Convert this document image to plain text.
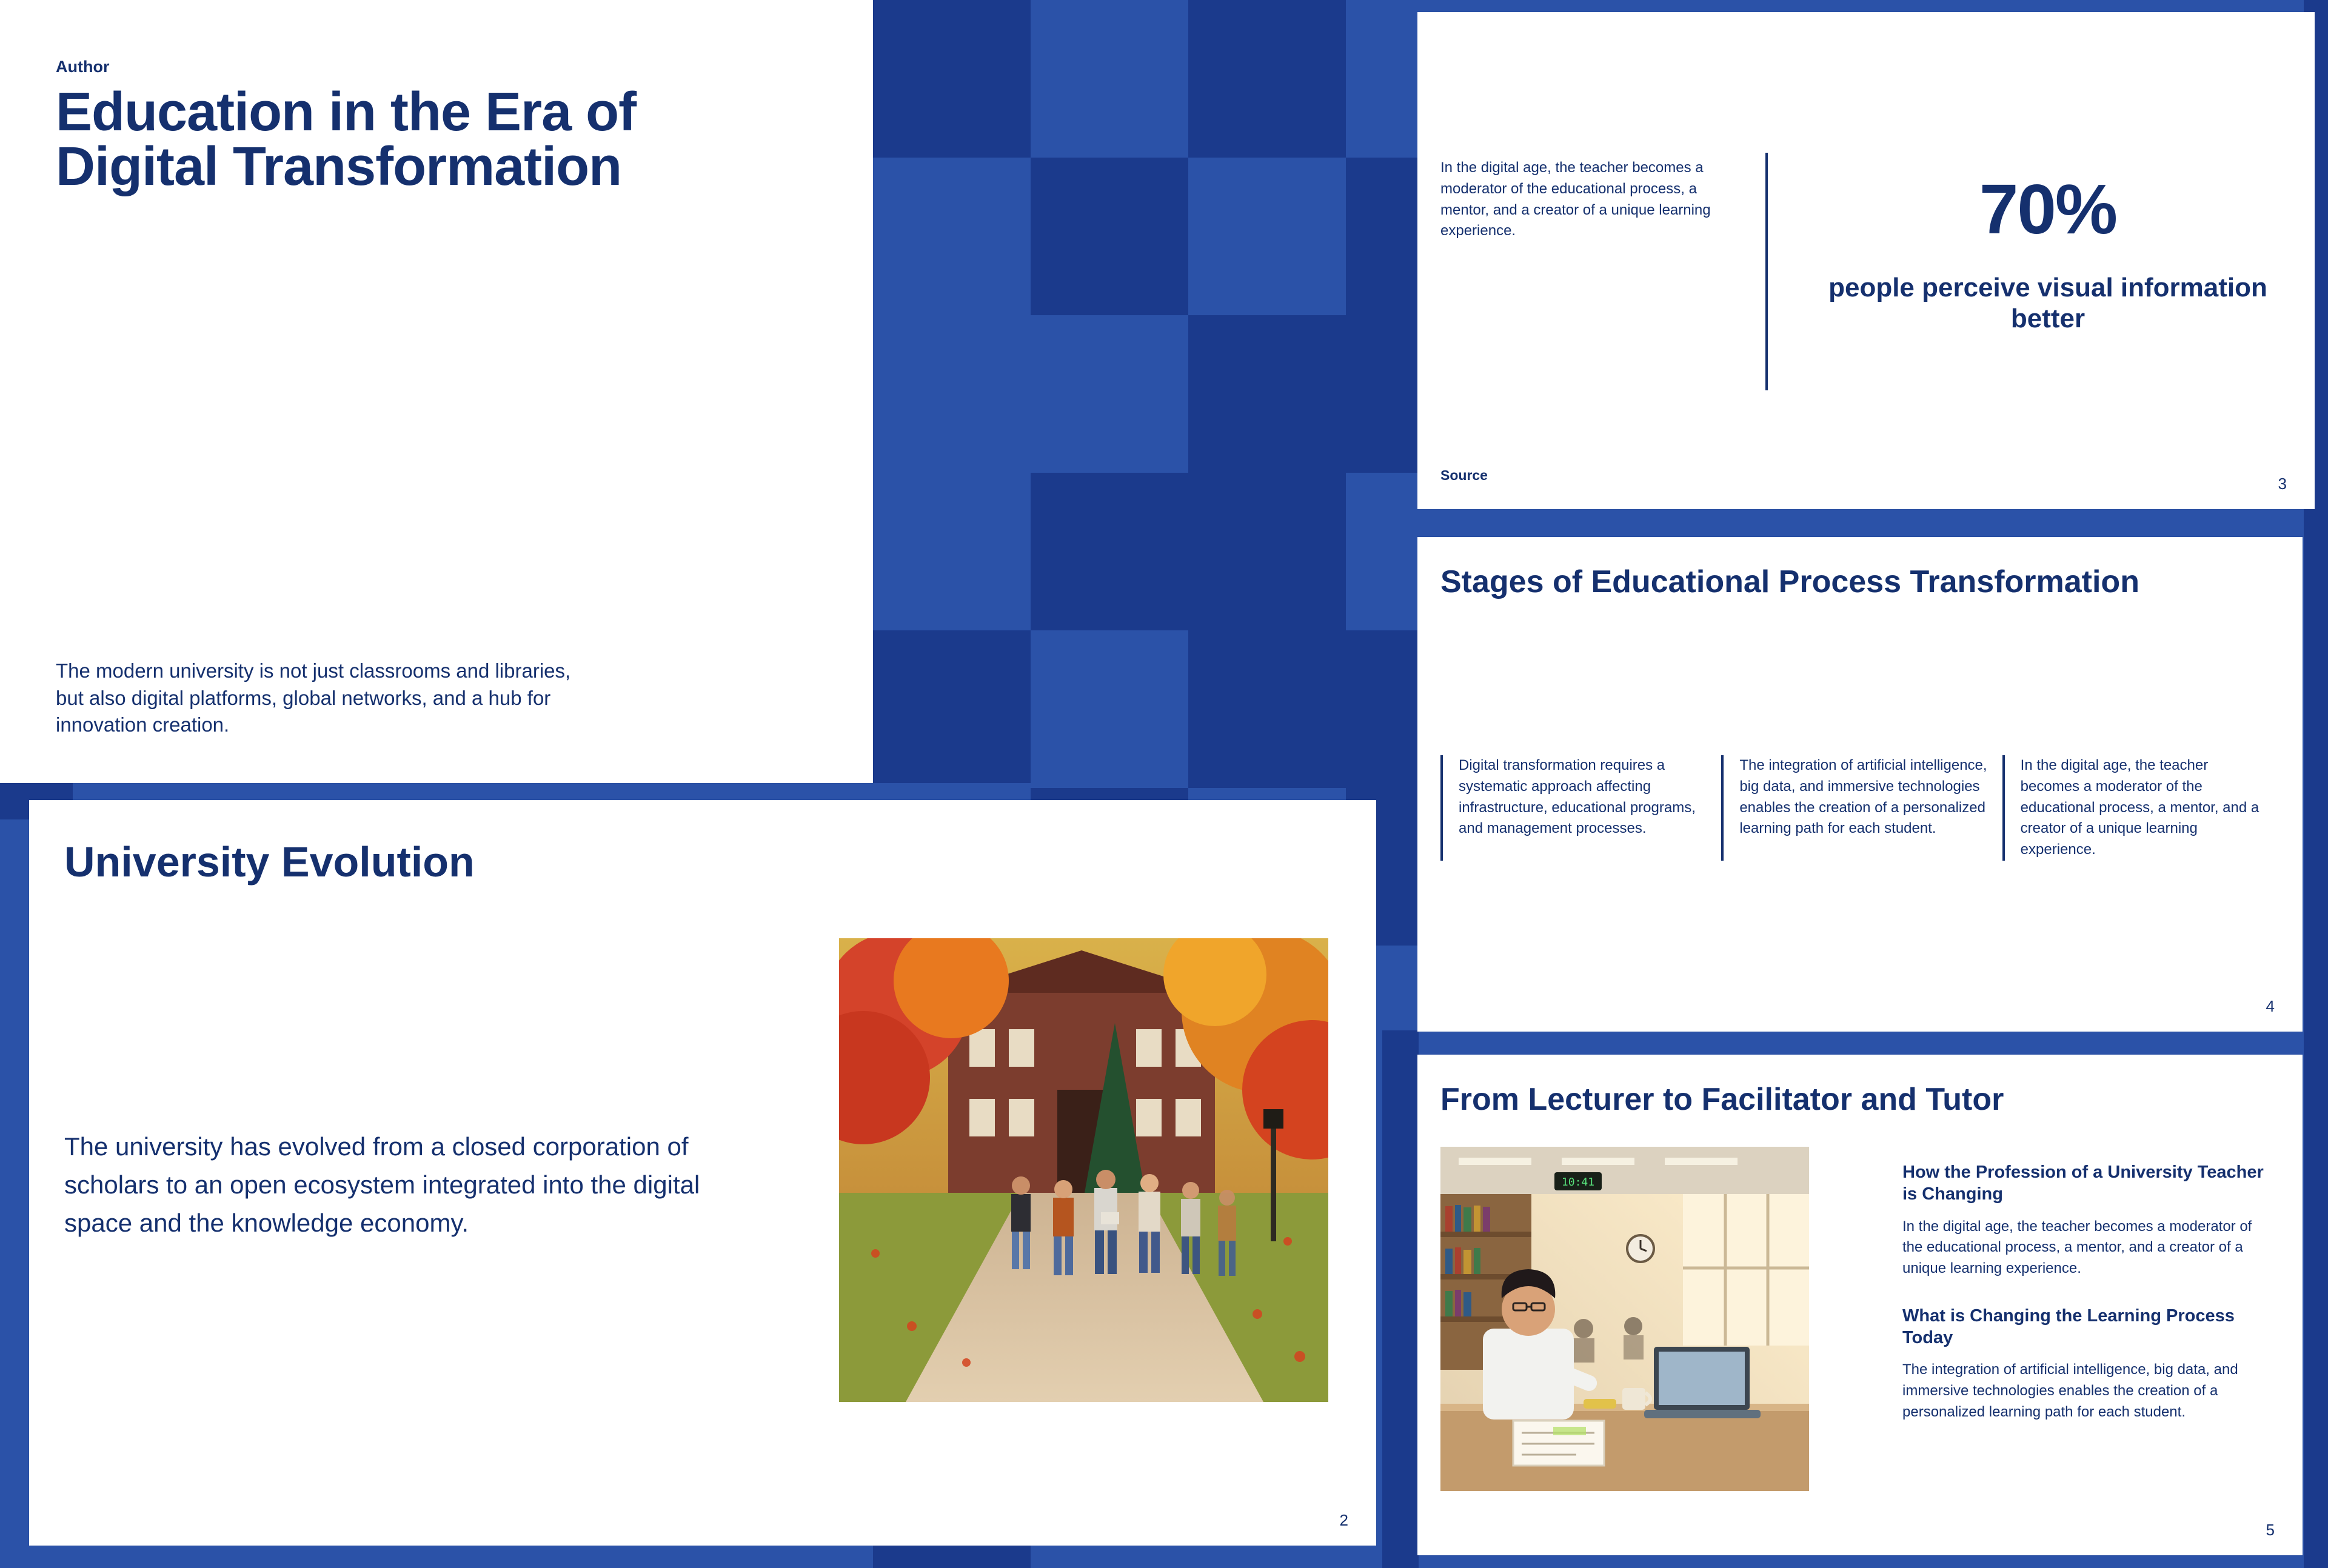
Author
Education in the Era of Digital Transformation
The modern university is not just classrooms and libraries, but also digital platforms, global networks, and a hub for innovation creation.
University Evolution
The university has evolved from a closed corporation of scholars to an open ecosystem integrated into the digital space and the knowledge economy.
2
In the digital age, the teacher becomes a moderator of the educational process, a mentor, and a creator of a unique learning experience.	70%
people perceive visual information better
Source	3
Stages of Educational Process Transformation

Digital transformation requires a systematic approach affecting infrastructure, educational programs, and management processes.

The integration of artificial intelligence, big data, and immersive technologies enables the creation of a personalized learning path for each student.

In the digital age, the teacher becomes a moderator of the educational process, a mentor, and a creator of a unique learning experience.

4
From Lecturer to Facilitator and Tutor
10:41

How the Profession of a University Teacher is Changing

In the digital age, the teacher becomes a moderator of the educational process, a mentor, and a creator of a unique learning experience.

What is Changing the Learning Process Today

The integration of artificial intelligence, big data, and immersive technologies enables the creation of a personalized learning path for each student.

5
